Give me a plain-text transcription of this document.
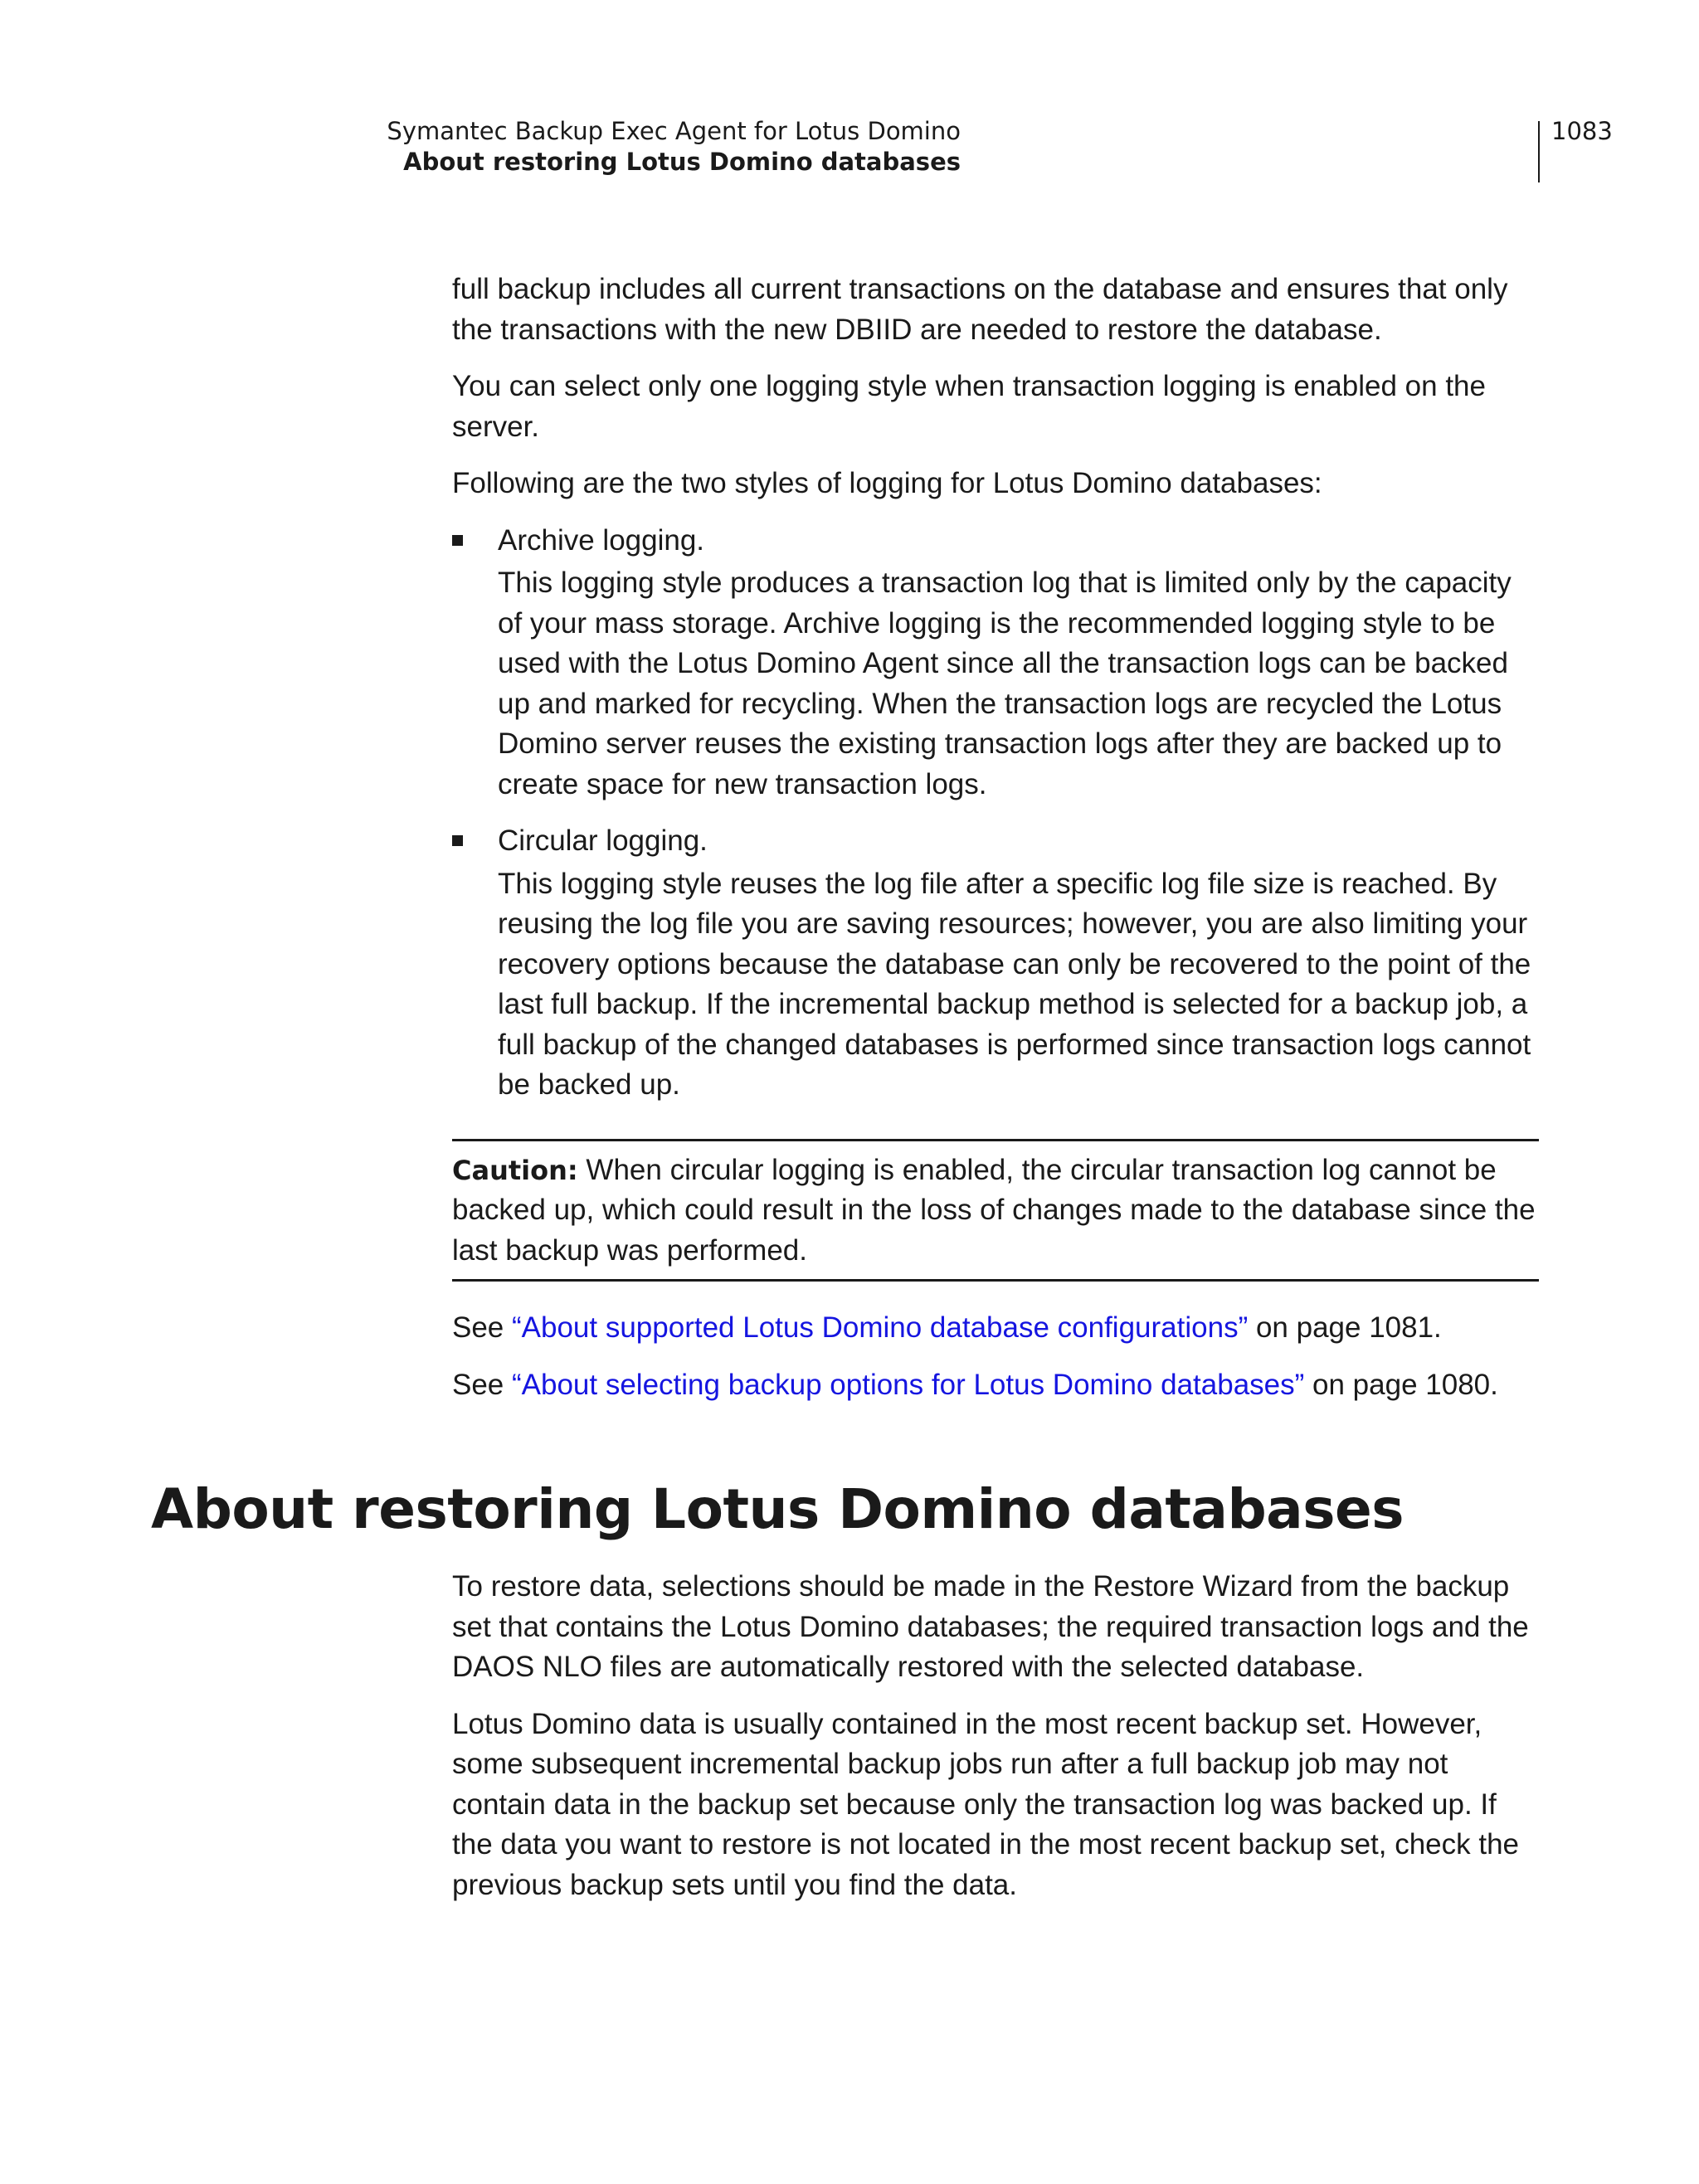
Symantec Backup Exec Agent for Lotus Domino
About restoring Lotus Domino databases
1083

full backup includes all current transactions on the database and ensures that only the transactions with the new DBIID are needed to restore the database.

You can select only one logging style when transaction logging is enabled on the server.

Following are the two styles of logging for Lotus Domino databases:

Archive logging.

This logging style produces a transaction log that is limited only by the capacity of your mass storage. Archive logging is the recommended logging style to be used with the Lotus Domino Agent since all the transaction logs can be backed up and marked for recycling. When the transaction logs are recycled the Lotus Domino server reuses the existing transaction logs after they are backed up to create space for new transaction logs.

Circular logging.

This logging style reuses the log file after a specific log file size is reached. By reusing the log file you are saving resources; however, you are also limiting your recovery options because the database can only be recovered to the point of the last full backup. If the incremental backup method is selected for a backup job, a full backup of the changed databases is performed since transaction logs cannot be backed up.

Caution: When circular logging is enabled, the circular transaction log cannot be backed up, which could result in the loss of changes made to the database since the last backup was performed.

See “About supported Lotus Domino database configurations” on page 1081.

See “About selecting backup options for Lotus Domino databases” on page 1080.

About restoring Lotus Domino databases

To restore data, selections should be made in the Restore Wizard from the backup set that contains the Lotus Domino databases; the required transaction logs and the DAOS NLO files are automatically restored with the selected database.

Lotus Domino data is usually contained in the most recent backup set. However, some subsequent incremental backup jobs run after a full backup job may not contain data in the backup set because only the transaction log was backed up. If the data you want to restore is not located in the most recent backup set, check the previous backup sets until you find the data.
